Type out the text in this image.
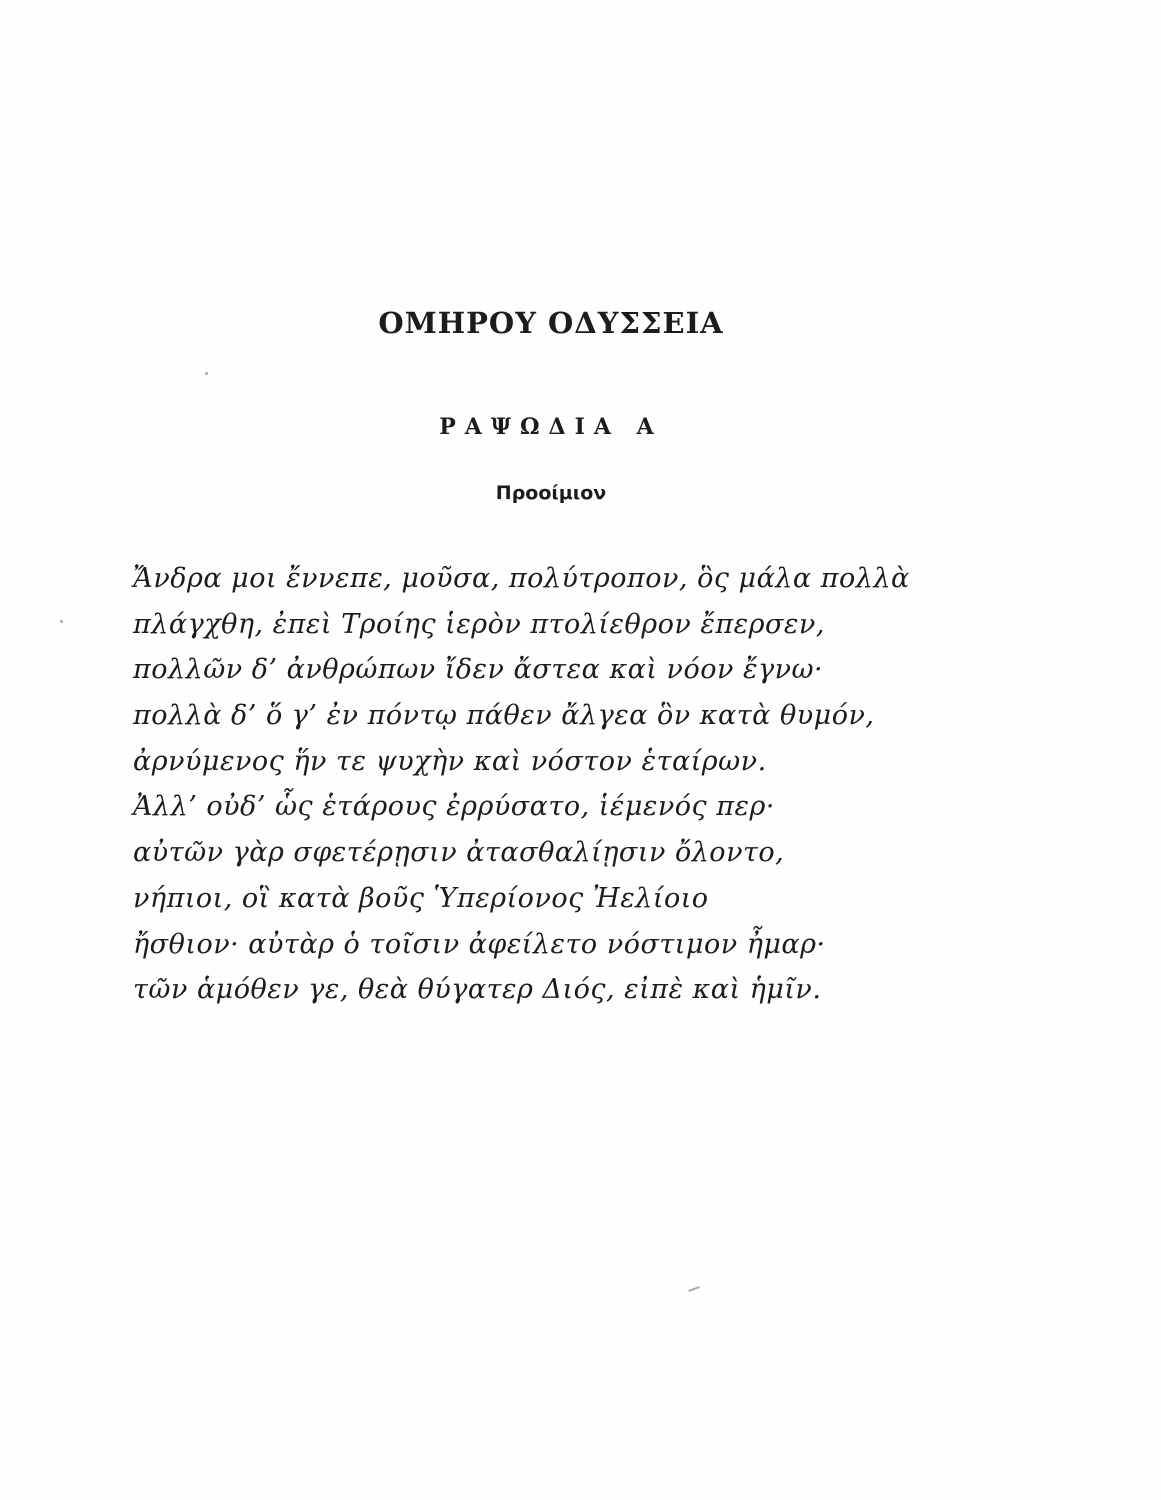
ΟΜΗΡΟΥ ΟΔΥΣΣΕΙΑ
ΡΑΨΩΔΙΑ Α
Προοίμιον
Ἄνδρα μοι ἔννεπε, μοῦσα, πολύτροπον, ὃς μάλα πολλὰ
πλάγχθη, ἐπεὶ Τροίης ἱερὸν πτολίεθρον ἔπερσεν,
πολλῶν δ’ ἀνθρώπων ἴδεν ἄστεα καὶ νόον ἔγνω·
πολλὰ δ’ ὅ γ’ ἐν πόντῳ πάθεν ἄλγεα ὃν κατὰ θυμόν,
ἀρνύμενος ἥν τε ψυχὴν καὶ νόστον ἑταίρων.
Ἀλλ’ οὐδ’ ὧς ἑτάρους ἐρρύσατο, ἱέμενός περ·
αὐτῶν γὰρ σφετέρῃσιν ἀτασθαλίῃσιν ὄλοντο,
νήπιοι, οἳ κατὰ βοῦς Ὑπερίονος Ἠελίοιο
ἤσθιον· αὐτὰρ ὁ τοῖσιν ἀφείλετο νόστιμον ἦμαρ·
τῶν ἁμόθεν γε, θεὰ θύγατερ Διός, εἰπὲ καὶ ἡμῖν.
